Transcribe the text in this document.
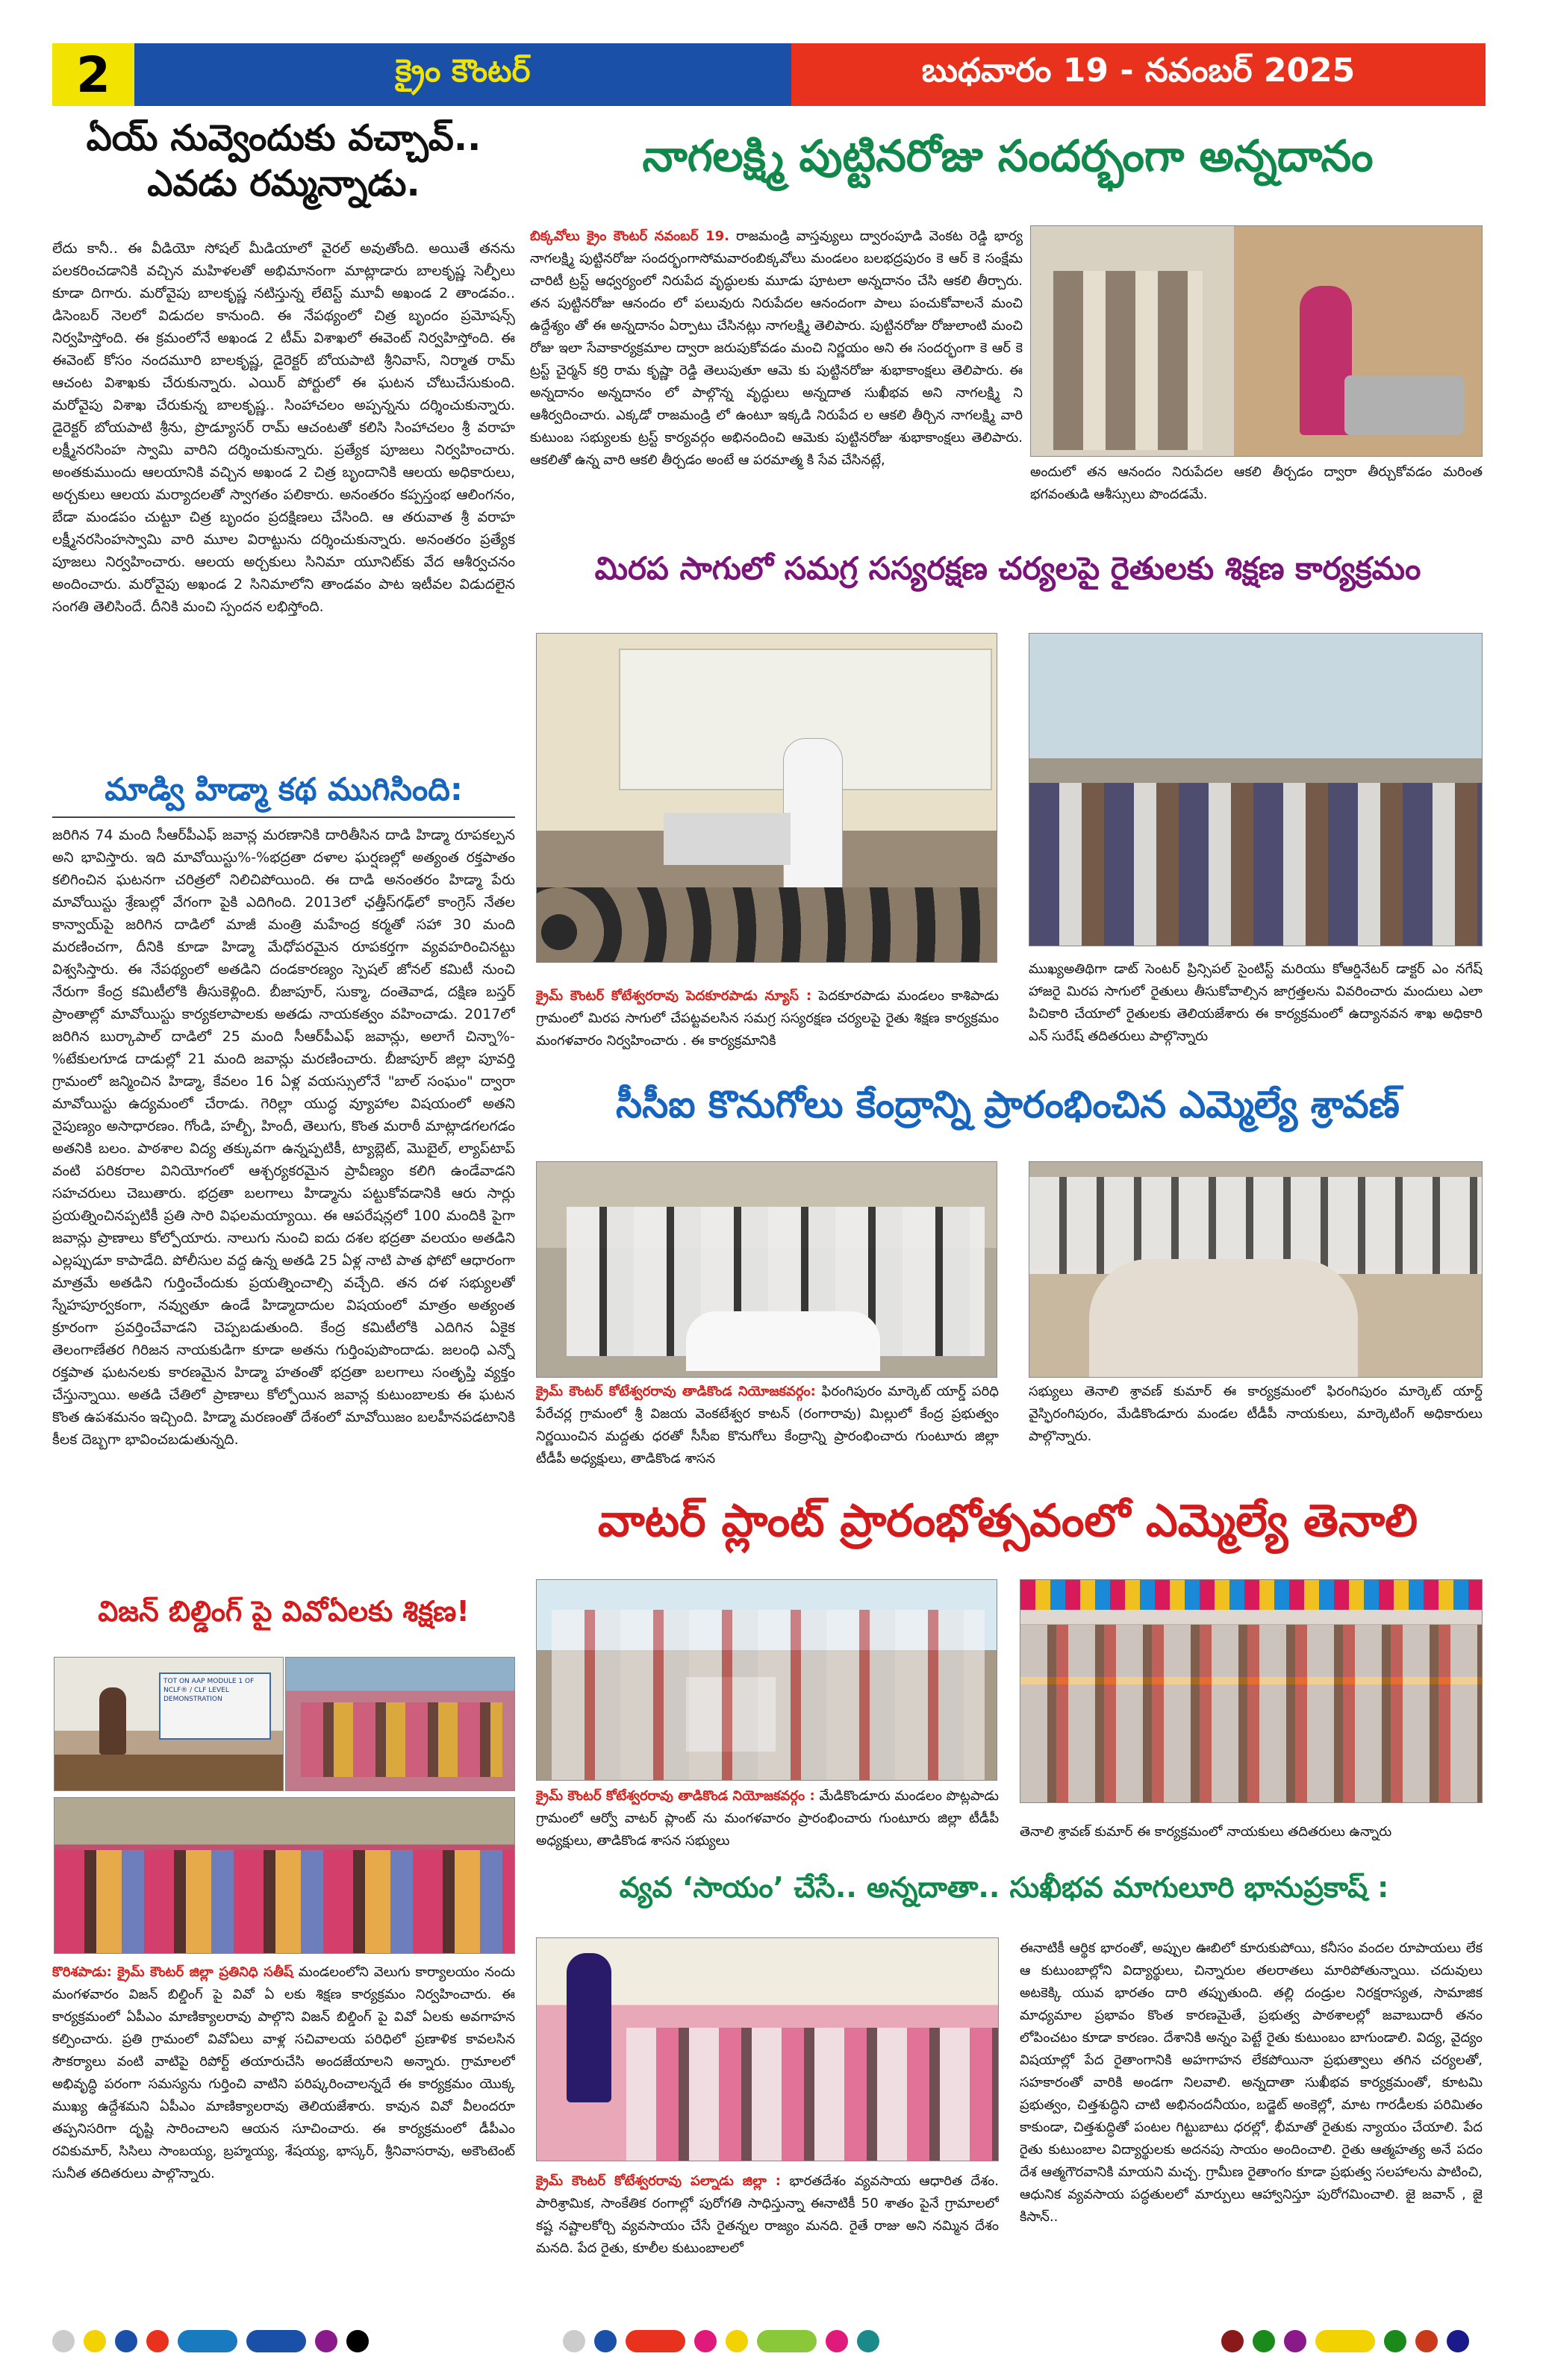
2	క్రైం కౌంటర్	బుధవారం 19 - నవంబర్ 2025
ఏయ్ నువ్వెందుకు వచ్చావ్..
ఎవడు రమ్మన్నాడు.
లేదు కానీ.. ఈ వీడియో సోషల్ మీడియాలో వైరల్ అవుతోంది. అయితే తనను పలకరించడానికి వచ్చిన మహిళలతో అభిమానంగా మాట్లాడారు బాలకృష్ణ సెల్ఫీలు కూడా దిగారు. మరోవైపు బాలకృష్ణ నటిస్తున్న లేటెస్ట్ మూవీ అఖండ 2 తాండవం.. డిసెంబర్ నెలలో విడుదల కానుంది. ఈ నేపథ్యంలో చిత్ర బృందం ప్రమోషన్స్ నిర్వహిస్తోంది. ఈ క్రమంలోనే అఖండ 2 టీమ్ విశాఖలో ఈవెంట్ నిర్వహిస్తోంది. ఈ ఈవెంట్ కోసం నందమూరి బాలకృష్ణ, డైరెక్టర్ బోయపాటి శ్రీనివాస్, నిర్మాత రామ్ ఆచంట విశాఖకు చేరుకున్నారు. ఎయిర్ పోర్టులో ఈ ఘటన చోటుచేసుకుంది. మరోవైపు విశాఖ చేరుకున్న బాలకృష్ణ.. సింహాచలం అప్పన్నను దర్శించుకున్నారు. డైరెక్టర్ బోయపాటి శ్రీను, ప్రొడ్యూసర్ రామ్ ఆచంటతో కలిసి సింహాచలం శ్రీ వరాహ లక్ష్మీనరసింహ స్వామి వారిని దర్శించుకున్నారు. ప్రత్యేక పూజలు నిర్వహించారు. అంతకుముందు ఆలయానికి వచ్చిన అఖండ 2 చిత్ర బృందానికి ఆలయ అధికారులు, అర్చకులు ఆలయ మర్యాదలతో స్వాగతం పలికారు. అనంతరం కప్పస్తంభ ఆలింగనం, బేడా మండపం చుట్టూ చిత్ర బృందం ప్రదక్షిణలు చేసింది. ఆ తరువాత శ్రీ వరాహ లక్ష్మీనరసింహస్వామి వారి మూల విరాట్టును దర్శించుకున్నారు. అనంతరం ప్రత్యేక పూజలు నిర్వహించారు. ఆలయ అర్చకులు సినిమా యూనిట్‌కు వేద ఆశీర్వచనం అందించారు. మరోవైపు అఖండ 2 సినిమాలోని తాండవం పాట ఇటీవల విడుదలైన సంగతి తెలిసిందే. దీనికి మంచి స్పందన లభిస్తోంది.
మాడ్వి హిడ్మా కథ ముగిసింది:
జరిగిన 74 మంది సీఆర్‌పీఎఫ్ జవాన్ల మరణానికి దారితీసిన దాడి హిడ్మా రూపకల్పన అని భావిస్తారు. ఇది మావోయిస్టు%-%భద్రతా దళాల ఘర్షణల్లో అత్యంత రక్తపాతం కలిగించిన ఘటనగా చరిత్రలో నిలిచిపోయింది. ఈ దాడి అనంతరం హిడ్మా పేరు మావోయిస్టు శ్రేణుల్లో వేగంగా పైకి ఎదిగింది. 2013లో ఛత్తీస్‌గఢ్‌లో కాంగ్రెస్ నేతల కాన్వాయ్‌పై జరిగిన దాడిలో మాజీ మంత్రి మహేంద్ర కర్మతో సహా 30 మంది మరణించగా, దీనికి కూడా హిడ్మా మేధోపరమైన రూపకర్తగా వ్యవహరించినట్టు విశ్వసిస్తారు. ఈ నేపథ్యంలో అతడిని దండకారణ్యం స్పెషల్ జోనల్ కమిటీ నుంచి నేరుగా కేంద్ర కమిటీలోకి తీసుకెళ్లింది. బీజాపూర్, సుక్మా, దంతెవాడ, దక్షిణ బస్తర్ ప్రాంతాల్లో మావోయిస్టు కార్యకలాపాలకు అతడు నాయకత్వం వహించాడు. 2017లో జరిగిన బుర్కాపాల్ దాడిలో 25 మంది సీఆర్‌పీఎఫ్ జవాన్లు, అలాగే చిన్నా%-%టేకులగూడ దాడుల్లో 21 మంది జవాన్లు మరణించారు. బీజాపూర్ జిల్లా పూవర్తి గ్రామంలో జన్మించిన హిడ్మా, కేవలం 16 ఏళ్ల వయస్సులోనే "బాల్ సంఘం" ద్వారా మావోయిస్టు ఉద్యమంలో చేరాడు. గెరిల్లా యుద్ధ వ్యూహాల విషయంలో అతని నైపుణ్యం అసాధారణం. గోండి, హల్బీ, హిందీ, తెలుగు, కొంత మరాఠీ మాట్లాడగలగడం అతనికి బలం. పాఠశాల విద్య తక్కువగా ఉన్నప్పటికీ, ట్యాబ్లెట్, మొబైల్, ల్యాప్‌టాప్ వంటి పరికరాల వినియోగంలో ఆశ్చర్యకరమైన ప్రావీణ్యం కలిగి ఉండేవాడని సహచరులు చెబుతారు. భద్రతా బలగాలు హిడ్మాను పట్టుకోవడానికి ఆరు సార్లు ప్రయత్నించినప్పటికీ ప్రతి సారి విఫలమయ్యాయి. ఈ ఆపరేషన్లలో 100 మందికి పైగా జవాన్లు ప్రాణాలు కోల్పోయారు. నాలుగు నుంచి ఐదు దశల భద్రతా వలయం అతడిని ఎల్లప్పుడూ కాపాడేది. పోలీసుల వద్ద ఉన్న అతడి 25 ఏళ్ల నాటి పాత ఫోటో ఆధారంగా మాత్రమే అతడిని గుర్తించేందుకు ప్రయత్నించాల్సి వచ్చేది. తన దళ సభ్యులతో స్నేహపూర్వకంగా, నవ్వుతూ ఉండే హిడ్మాదాదుల విషయంలో మాత్రం అత్యంత క్రూరంగా ప్రవర్తించేవాడని చెప్పబడుతుంది. కేంద్ర కమిటీలోకి ఎదిగిన ఏకైక తెలంగాణేతర గిరిజన నాయకుడిగా కూడా అతను గుర్తింపుపొందాడు. జలంధి ఎన్నో రక్తపాత ఘటనలకు కారణమైన హిడ్మా హతంతో భద్రతా బలగాలు సంతృప్తి వ్యక్తం చేస్తున్నాయి. అతడి చేతిలో ప్రాణాలు కోల్పోయిన జవాన్ల కుటుంబాలకు ఈ ఘటన కొంత ఉపశమనం ఇచ్చింది. హిడ్మా మరణంతో దేశంలో మావోయిజం బలహీనపడటానికి కీలక దెబ్బగా భావించబడుతున్నది.
విజన్ బిల్డింగ్ పై వివోఏలకు శిక్షణ!
TOT ON AAP MODULE 1 OF NCLF® / CLF LEVEL DEMONSTRATION
కొరిశపాడు: క్రైమ్ కౌంటర్ జిల్లా ప్రతినిధి సతీష్ మండలంలోని వెలుగు కార్యాలయం నందు మంగళవారం విజన్ బిల్డింగ్ పై వివో ఏ లకు శిక్షణ కార్యక్రమం నిర్వహించారు. ఈ కార్యక్రమంలో ఏపీఎం మాణిక్యాలరావు పాల్గొని విజన్ బిల్డింగ్ పై వివో ఏలకు అవగాహన కల్పించారు. ప్రతి గ్రామంలో వివోఏలు వాళ్ల సచివాలయ పరిధిలో ప్రణాళిక కావలసిన సౌకర్యాలు వంటి వాటిపై రిపోర్ట్ తయారుచేసి అందజేయాలని అన్నారు. గ్రామాలలో అభివృద్ధి పరంగా సమస్యను గుర్తించి వాటిని పరిష్కరించాలన్నదే ఈ కార్యక్రమం యొక్క ముఖ్య ఉద్దేశమని ఏపీఎం మాణిక్యాలరావు తెలియజేశారు. కావున వివో వీలందరూ తప్పనిసరిగా దృష్టి సారించాలని ఆయన సూచించారు. ఈ కార్యక్రమంలో డీపీఎం రవికుమార్, సిసిలు సాంబయ్య, బ్రహ్మయ్య, శేషయ్య, భాస్కర్, శ్రీనివాసరావు, అకౌంటెంట్ సునీత తదితరులు పాల్గొన్నారు.
నాగలక్ష్మి పుట్టినరోజు సందర్భంగా అన్నదానం
బిక్కవోలు క్రైం కౌంటర్ నవంబర్ 19. రాజమండ్రి వాస్తవ్యులు ద్వారంపూడి వెంకట రెడ్డి భార్య నాగలక్ష్మి పుట్టినరోజు సందర్భంగాసోమవారంబిక్కవోలు మండలం బలభద్రపురం కె ఆర్ కె సంక్షేమ చారిటీ ట్రస్ట్ ఆధ్వర్యంలో నిరుపేద వృద్ధులకు మూడు పూటలా అన్నదానం చేసి ఆకలి తీర్చారు. తన పుట్టినరోజు ఆనందం లో పలువురు నిరుపేదల ఆనందంగా పాలు పంచుకోవాలనే మంచి ఉద్దేశ్యం తో ఈ అన్నదానం ఏర్పాటు చేసినట్లు నాగలక్ష్మి తెలిపారు. పుట్టినరోజు రోజులాంటి మంచి రోజు ఇలా సేవాకార్యక్రమాల ద్వారా జరుపుకోవడం మంచి నిర్ణయం అని ఈ సందర్భంగా కె ఆర్ కె ట్రస్ట్ చైర్మన్ కర్రి రామ కృష్ణా రెడ్డి తెలుపుతూ ఆమె కు పుట్టినరోజు శుభాకాంక్షలు తెలిపారు. ఈ అన్నదానం అన్నదానం లో పాల్గొన్న వృద్ధులు అన్నదాత సుఖీభవ అని నాగలక్ష్మి ని ఆశీర్వదించారు. ఎక్కడో రాజమండ్రి లో ఉంటూ ఇక్కడి నిరుపేద ల ఆకలి తీర్చిన నాగలక్ష్మి వారి కుటుంబ సభ్యులకు ట్రస్ట్ కార్యవర్గం అభినందించి ఆమెకు పుట్టినరోజు శుభాకాంక్షలు తెలిపారు. ఆకలితో ఉన్న వారి ఆకలి తీర్చడం అంటే ఆ పరమాత్మ కి సేవ చేసినట్లే,
అందులో తన ఆనందం నిరుపేదల ఆకలి తీర్చడం ద్వారా తీర్చుకోవడం మరింత భగవంతుడి ఆశీస్సులు పొందడమే.
మిరప సాగులో సమగ్ర సస్యరక్షణ చర్యలపై రైతులకు శిక్షణ కార్యక్రమం
క్రైమ్ కౌంటర్ కోటేశ్వరరావు పెదకూరపాడు న్యూస్ : పెదకూరపాడు మండలం కాశిపాడు గ్రామంలో మిరప సాగులో చేపట్టవలసిన సమగ్ర సస్యరక్షణ చర్యలపై రైతు శిక్షణ కార్యక్రమం మంగళవారం నిర్వహించారు . ఈ కార్యక్రమానికి
ముఖ్యఅతిథిగా డాట్ సెంటర్ ప్రిన్సిపల్ సైంటిస్ట్ మరియు కోఆర్డినేటర్ డాక్టర్ ఎం నగేష్ హాజరై మిరప సాగులో రైతులు తీసుకోవాల్సిన జాగ్రత్తలను వివరించారు మందులు ఎలా పిచికారి చేయాలో రైతులకు తెలియజేశారు ఈ కార్యక్రమంలో ఉద్యానవన శాఖ అధికారి ఎన్ సురేష్ తదితరులు పాల్గొన్నారు
సీసీఐ కొనుగోలు కేంద్రాన్ని ప్రారంభించిన ఎమ్మెల్యే శ్రావణ్
క్రైమ్ కౌంటర్ కోటేశ్వరరావు తాడికొండ నియోజకవర్గం: ఫిరంగిపురం మార్కెట్ యార్డ్ పరిధి పేరేచర్ల గ్రామంలో శ్రీ విజయ వెంకటేశ్వర కాటన్ (రంగారావు) మిల్లులో కేంద్ర ప్రభుత్వం నిర్ణయించిన మద్దతు ధరతో సీసీఐ కొనుగోలు కేంద్రాన్ని ప్రారంభించారు గుంటూరు జిల్లా టీడీపీ అధ్యక్షులు, తాడికొండ శాసన
సభ్యులు తెనాలి శ్రావణ్ కుమార్ ఈ కార్యక్రమంలో ఫిరంగిపురం మార్కెట్ యార్డ్ వైస్ఫిరంగిపురం, మేడికొండూరు మండల టీడీపీ నాయకులు, మార్కెటింగ్ అధికారులు పాల్గొన్నారు.
వాటర్ ప్లాంట్ ప్రారంభోత్సవంలో ఎమ్మెల్యే తెనాలి
క్రైమ్ కౌంటర్ కోటేశ్వరరావు తాడికొండ నియోజకవర్గం : మేడికొండూరు మండలం పొట్లపాడు గ్రామంలో ఆర్వో వాటర్ ప్లాంట్ ను మంగళవారం ప్రారంభించారు గుంటూరు జిల్లా టీడీపీ అధ్యక్షులు, తాడికొండ శాసన సభ్యులు
తెనాలి శ్రావణ్ కుమార్ ఈ కార్యక్రమంలో నాయకులు తదితరులు ఉన్నారు
వ్యవ ‘సాయం’ చేసే.. అన్నదాతా.. సుఖీభవ మాగులూరి భానుప్రకాష్ :
క్రైమ్ కౌంటర్ కోటేశ్వరరావు పల్నాడు జిల్లా : భారతదేశం వ్యవసాయ ఆధారిత దేశం. పారిశ్రామిక, సాంకేతిక రంగాల్లో పురోగతి సాధిస్తున్నా ఈనాటికీ 50 శాతం పైనే గ్రామాలలో కష్ట నష్టాలకోర్చి వ్యవసాయం చేసే రైతన్నల రాజ్యం మనది. రైతే రాజు అని నమ్మిన దేశం మనది. పేద రైతు, కూలీల కుటుంబాలలో
ఈనాటికీ ఆర్థిక భారంతో, అప్పుల ఊబిలో కూరుకుపోయి, కనీసం వందల రూపాయలు లేక ఆ కుటుంబాల్లోని విద్యార్థులు, చిన్నారుల తలరాతలు మారిపోతున్నాయి. చదువులు అటకెక్కి యువ భారతం దారి తప్పుతుంది. తల్లి దండ్రుల నిరక్షరాస్యత, సామాజిక మాధ్యమాల ప్రభావం కొంత కారణమైతే, ప్రభుత్వ పాఠశాలల్లో జవాబుదారీ తనం లోపించటం కూడా కారణం. దేశానికి అన్నం పెట్టే రైతు కుటుంబం బాగుండాలి. విద్య, వైద్యం విషయాల్లో పేద రైతాంగానికి అహగాహన లేకపోయినా ప్రభుత్వాలు తగిన చర్యలతో, సహకారంతో వారికి అండగా నిలవాలి. అన్నదాతా సుఖీభవ కార్యక్రమంతో, కూటమి ప్రభుత్వం, చిత్తశుద్ధిని చాటి అభినందనీయం, బడ్జెట్ అంకెల్లో, మాట గారడీలకు పరిమితం కాకుండా, చిత్తశుద్ధితో పంటల గిట్టుబాటు ధరల్లో, భీమాతో రైతుకు న్యాయం చేయాలి. పేద రైతు కుటుంబాల విద్యార్థులకు అదనపు సాయం అందించాలి. రైతు ఆత్మహత్య అనే పదం దేశ ఆత్మగౌరవానికి మాయని మచ్చ. గ్రామీణ రైతాంగం కూడా ప్రభుత్వ సలహాలను పాటించి, ఆధునిక వ్యవసాయ పద్ధతులలో మార్పులు ఆహ్వానిస్తూ పురోగమించాలి. జై జవాన్ , జై కిసాన్..
